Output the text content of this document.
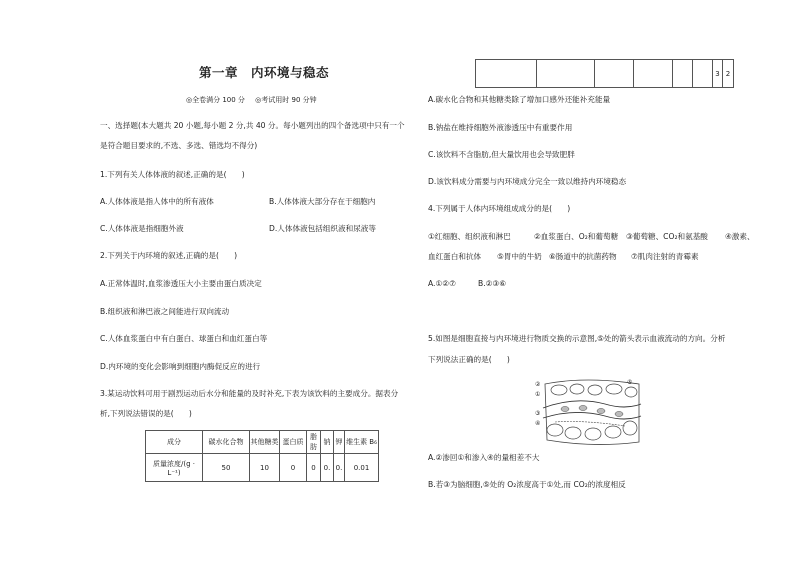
第一章　内环境与稳态
◎全卷满分 100 分 ◎考试用时 90 分钟
						3	2
一、选择题(本大题共 20 小题,每小题 2 分,共 40 分。每小题列出的四个备选项中只有一个
是符合题目要求的,不选、多选、错选均不得分)
1.下列有关人体体液的叙述,正确的是(　　)
A.人体体液是指人体中的所有液体	B.人体体液大部分存在于细胞内
C.人体体液是指细胞外液	D.人体体液包括组织液和尿液等
2.下列关于内环境的叙述,正确的是(　　)
A.正常体温时,血浆渗透压大小主要由蛋白质决定
B.组织液和淋巴液之间能进行双向流动
C.人体血浆蛋白中有白蛋白、球蛋白和血红蛋白等
D.内环境的变化会影响到细胞内酶促反应的进行
3.某运动饮料可用于剧烈运动后水分和能量的及时补充,下表为该饮料的主要成分。据表分
析,下列说法错误的是(　　)
成分	碳水化合物	其他糖类	蛋白质	脂肪	钠	钾	维生素 B₆
质量浓度/(g · L⁻¹)	50	10	0	0	0.	0.	0.01
A.碳水化合物和其他糖类除了增加口感外还能补充能量
B.钠盐在维持细胞外液渗透压中有重要作用
C.该饮料不含脂肪,但大量饮用也会导致肥胖
D.该饮料成分需要与内环境成分完全一致以维持内环境稳态
4.下列属于人体内环境组成成分的是(　　)
①红细胞、组织液和淋巴	②血浆蛋白、O₂和葡萄糖 ③葡萄糖、CO₂和氨基酸 ④激素、
血红蛋白和抗体 ⑤胃中的牛奶 ⑥肠道中的抗菌药物 ⑦肌肉注射的青霉素
A.①②⑦	B.②③⑥
5.如图是细胞直接与内环境进行物质交换的示意图,⑤处的箭头表示血液流动的方向。分析
下列说法正确的是(　　)
②
①
③
④
⑤
A.②渗回①和渗入④的量相差不大
B.若③为脑细胞,⑤处的 O₂浓度高于①处,而 CO₂的浓度相反
